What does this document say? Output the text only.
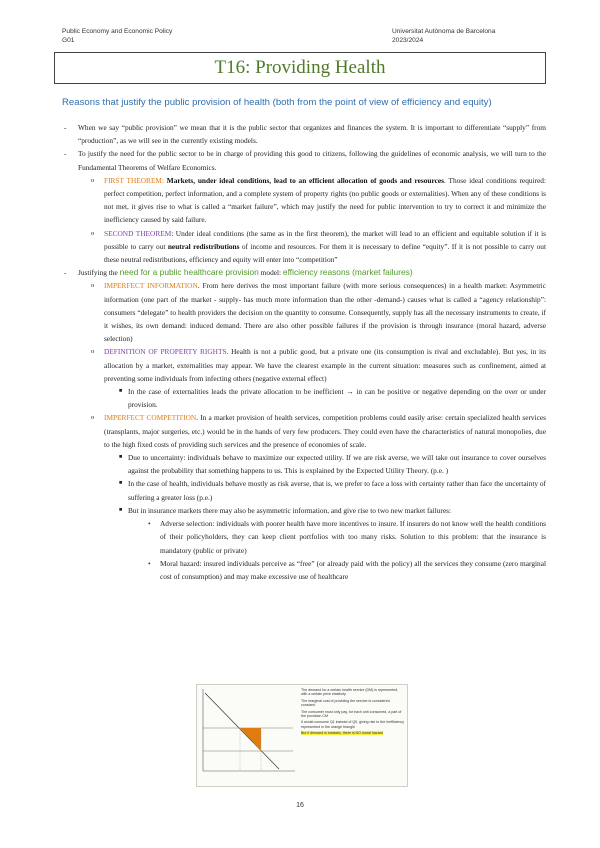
Public Economy and Economic Policy
G01
Universitat Autònoma de Barcelona
2023/2024
T16: Providing Health
Reasons that justify the public provision of health (both from the point of view of efficiency and equity)

- When we say “public provision” we mean that it is the public sector that organizes and finances the system. It is important to differentiate “supply” from “production”, as we will see in the currently existing models.

- To justify the need for the public sector to be in charge of providing this good to citizens, following the guidelines of economic analysis, we will turn to the Fundamental Theorems of Welfare Economics.

o FIRST THEOREM: Markets, under ideal conditions, lead to an efficient allocation of goods and resources. Those ideal conditions required: perfect competition, perfect information, and a complete system of property rights (no public goods or externalities). When any of these conditions is not met, it gives rise to what is called a “market failure”, which may justify the need for public intervention to try to correct it and minimize the inefficiency caused by said failure.

o SECOND THEOREM: Under ideal conditions (the same as in the first theorem), the market will lead to an efficient and equitable solution if it is possible to carry out neutral redistributions of income and resources. For them it is necessary to define “equity”. If it is not possible to carry out these neutral redistributions, efficiency and equity will enter into “competition”

- Justifying the need for a public healthcare provision model: efficiency reasons (market failures)

o IMPERFECT INFORMATION. From here derives the most important failure (with more serious consequences) in a health market: Asymmetric information (one part of the market - supply- has much more information than the other -demand-) causes what is called a “agency relationship”: consumers “delegate” to health providers the decision on the quantity to consume. Consequently, supply has all the necessary instruments to create, if it wishes, its own demand: induced demand. There are also other possible failures if the provision is through insurance (moral hazard, adverse selection)

o DEFINITION OF PROPERTY RIGHTS. Health is not a public good, but a private one (its consumption is rival and excludable). But yes, in its allocation by a market, externalities may appear. We have the clearest example in the current situation: measures such as confinement, aimed at preventing some individuals from infecting others (negative external effect)

■ In the case of externalities leads the private allocation to be inefficient → in can be positive or negative depending on the over or under provision.

o IMPERFECT COMPETITION. In a market provision of health services, competition problems could easily arise: certain specialized health services (transplants, major surgeries, etc.) would be in the hands of very few producers. They could even have the characteristics of natural monopolies, due to the high fixed costs of providing such services and the presence of economies of scale.

■ Due to uncertainty: individuals behave to maximize our expected utility. If we are risk averse, we will take out insurance to cover ourselves against the probability that something happens to us. This is explained by the Expected Utility Theory. (p.e. )

■ In the case of health, individuals behave mostly as risk averse, that is, we prefer to face a loss with certainty rather than face the uncertainty of suffering a greater loss (p.e.)

■ But in insurance markets there may also be asymmetric information, and give rise to two new market failures:

• Adverse selection: individuals with poorer health have more incentives to insure. If insurers do not know well the health conditions of their policyholders, they can keep client portfolios with too many risks. Solution to this problem: that the insurance is mandatory (public or private)

• Moral hazard: insured individuals perceive as “free” (or already paid with the policy) all the services they consume (zero marginal cost of consumption) and may make excessive use of healthcare

The demand for a certain health service (DM) is represented, with a certain price elasticity.

The marginal cost of providing the service is considered constant.

The consumer must only pay, for each unit consumed, a part of the provision CM

It would consume Q1 instead of Q0, giving rise to the inefficiency represented in the orange triangle

But if demand is inelastic, there is NO moral hazard

16
